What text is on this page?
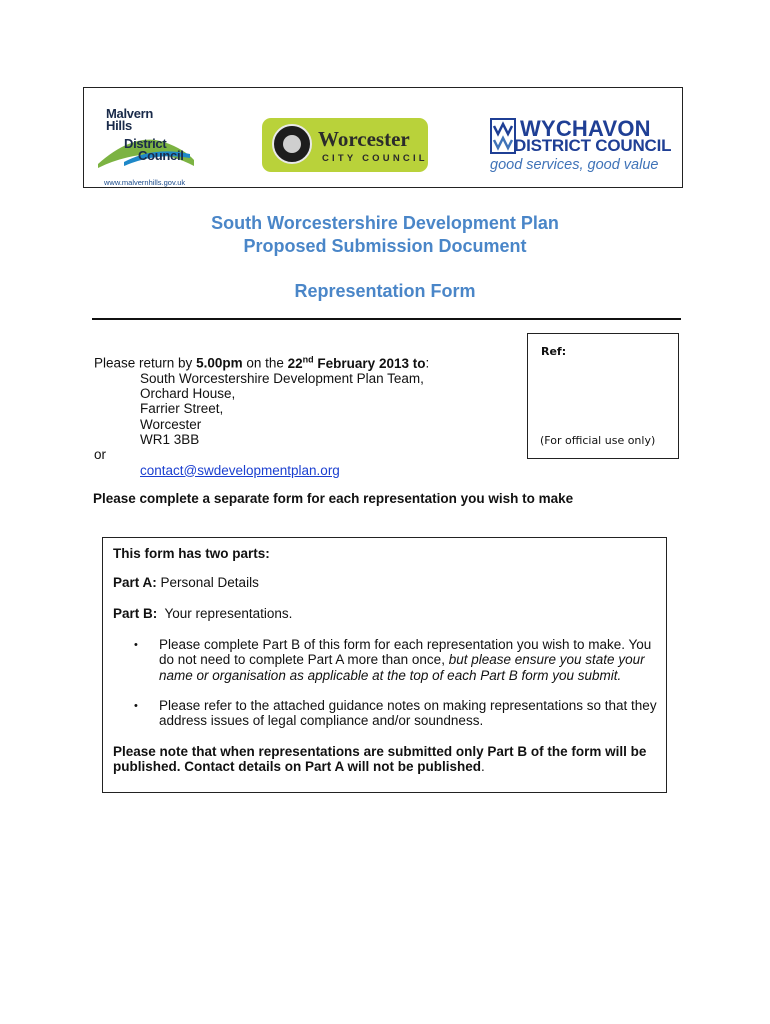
Malvern
Hills
District
Council
www.malvernhills.gov.uk
Worcester
CITY COUNCIL
WYCHAVON
DISTRICT COUNCIL
good services, good value
South Worcestershire Development Plan
Proposed Submission Document
Representation Form
Please return by 5.00pm on the 22nd February 2013 to:
South Worcestershire Development Plan Team,
Orchard House,
Farrier Street,
Worcester
WR1 3BB
or
contact@swdevelopmentplan.org
Ref:
(For official use only)
Please complete a separate form for each representation you wish to make
This form has two parts:
Part A: Personal Details
Part B:  Your representations.
• Please complete Part B of this form for each representation you wish to make. You do not need to complete Part A more than once, but please ensure you state your name or organisation as applicable at the top of each Part B form you submit.
• Please refer to the attached guidance notes on making representations so that they address issues of legal compliance and/or soundness.
Please note that when representations are submitted only Part B of the form will be published. Contact details on Part A will not be published.
